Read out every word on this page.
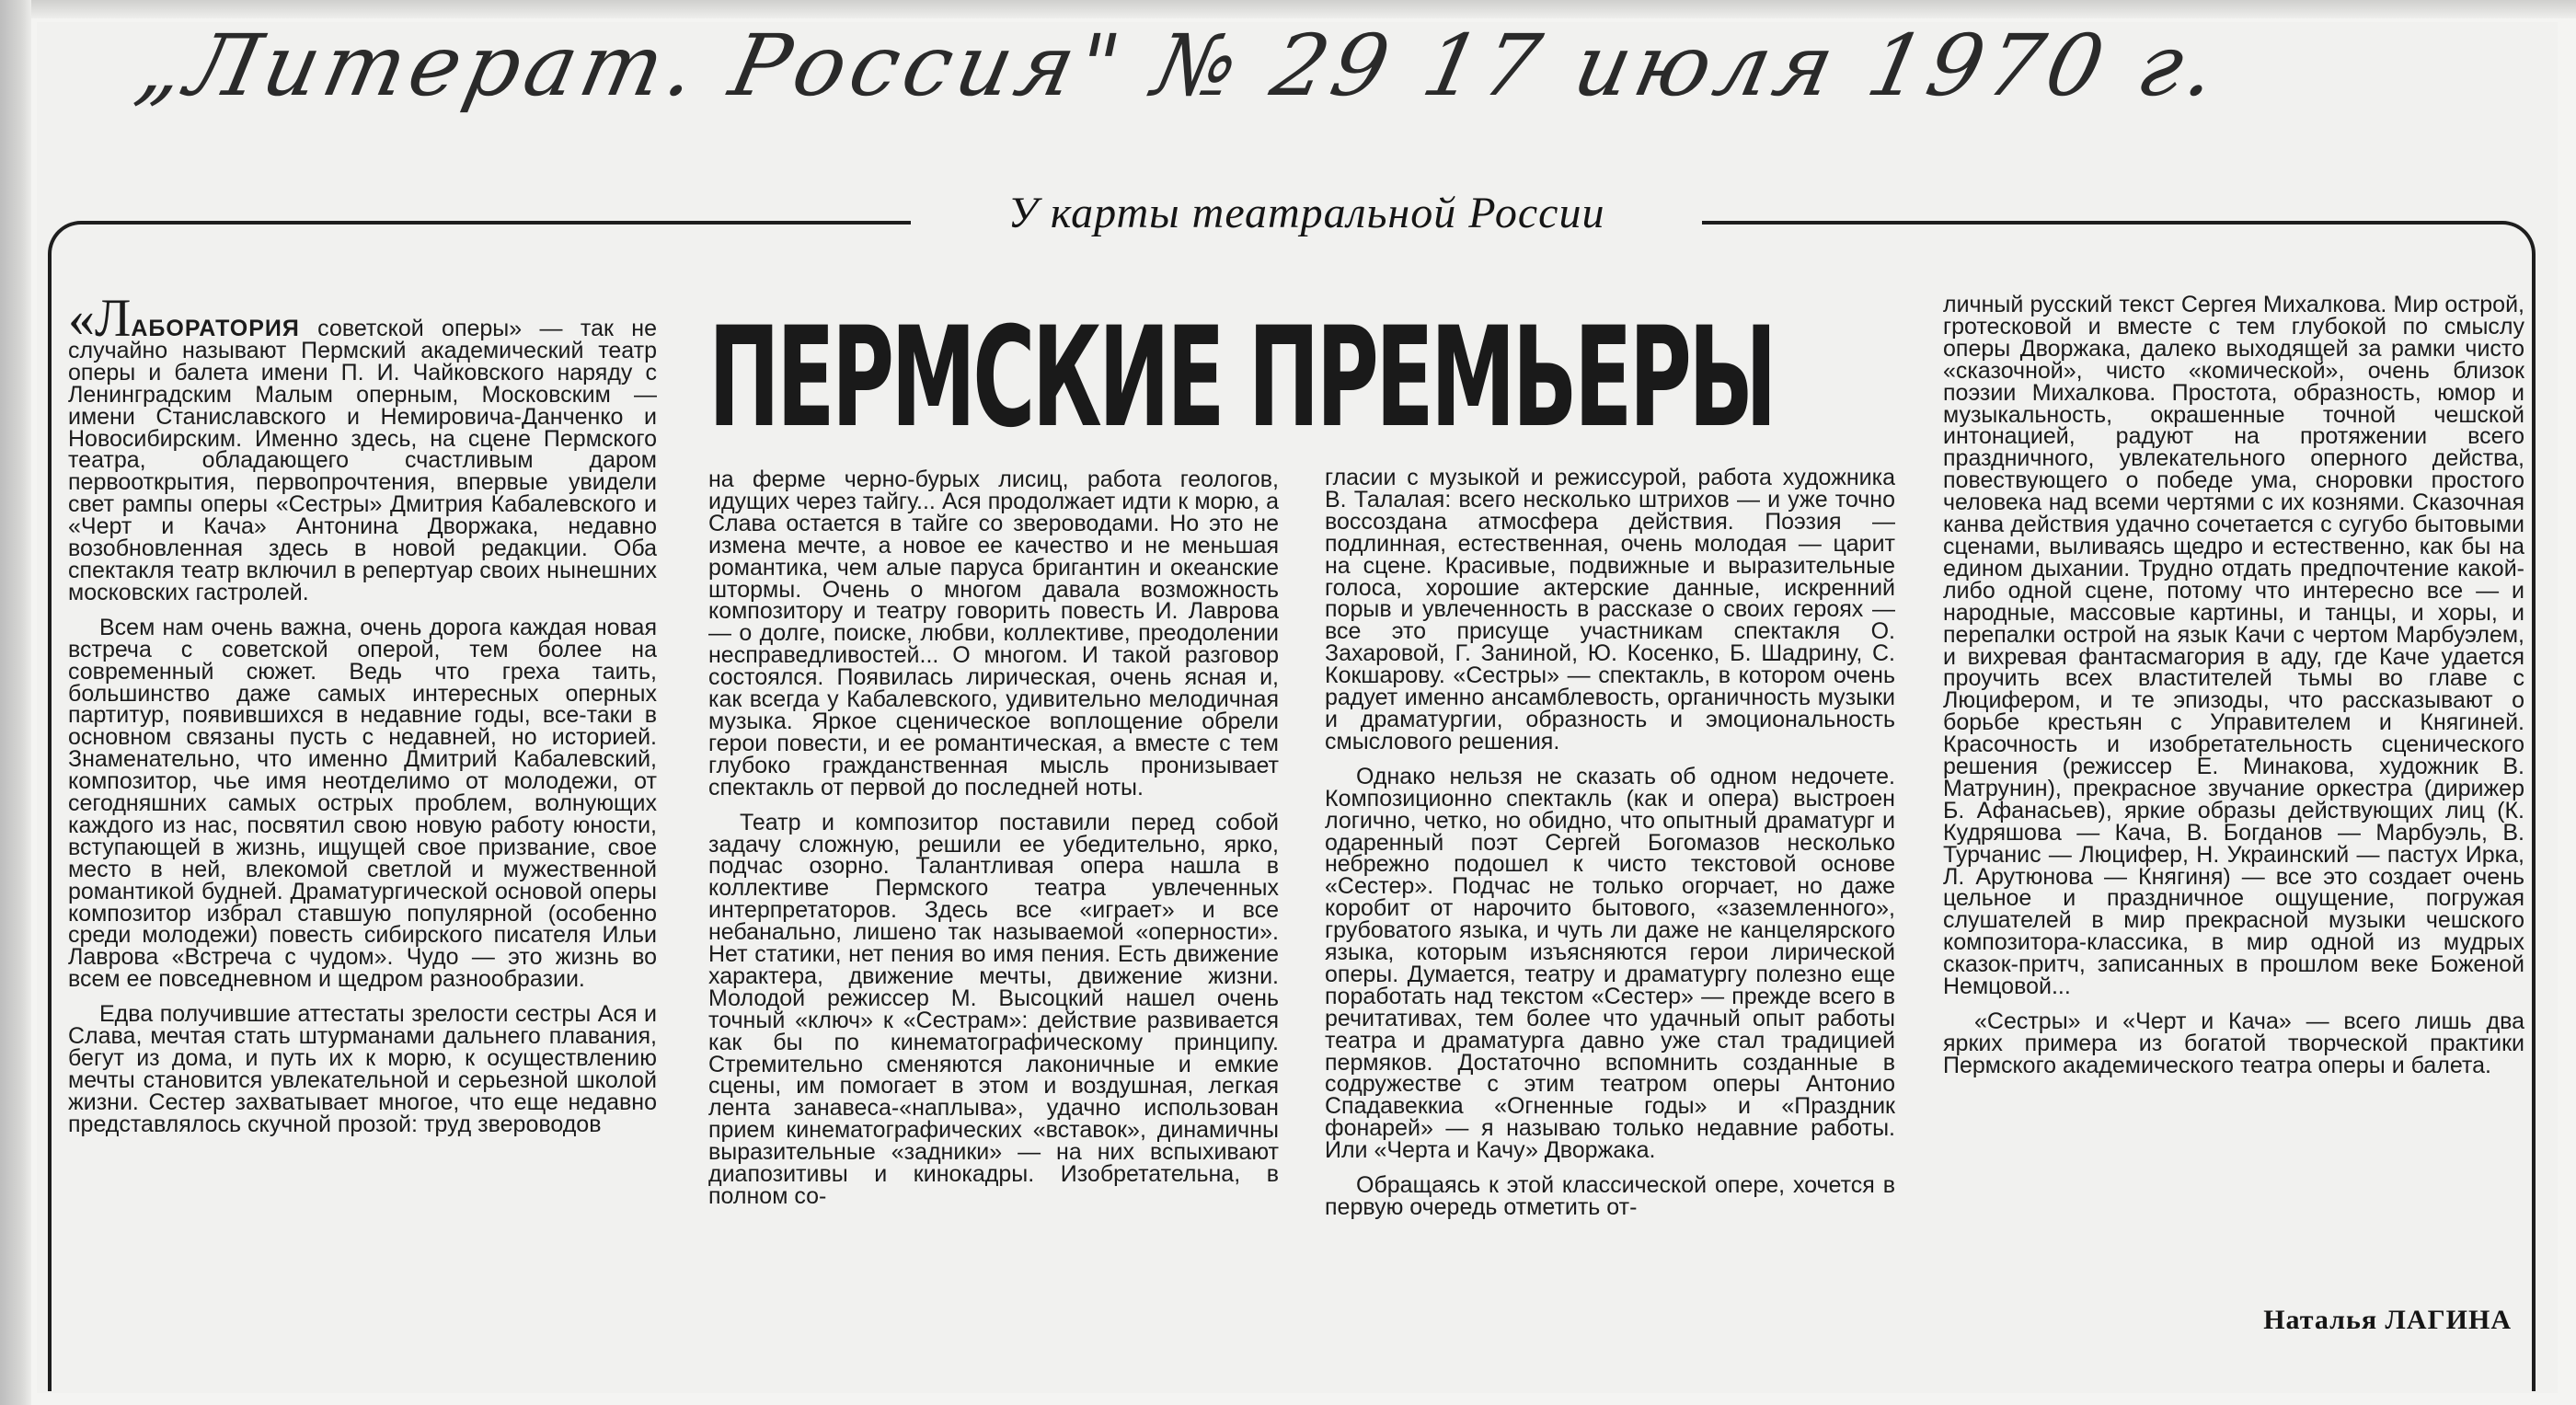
„Литерат. Россия" № 29 17 июля 1970 г.
У карты театральной России
ПЕРМСКИЕ ПРЕМЬЕРЫ

«ЛАБОРАТОРИЯ советской оперы» — так не случайно называют Пермский академический театр оперы и балета имени П. И. Чайковского наряду с Ленинградским Малым оперным, Московским — имени Станиславского и Немировича-Данченко и Новосибирским. Именно здесь, на сцене Пермского театра, обладающего счастливым даром первооткрытия, первопрочтения, впервые увидели свет рампы оперы «Сестры» Дмитрия Кабалевского и «Черт и Кача» Антонина Дворжака, недавно возобновленная здесь в новой редакции. Оба спектакля театр включил в репертуар своих нынешних московских гастролей.

Всем нам очень важна, очень дорога каждая новая встреча с советской оперой, тем более на современный сюжет. Ведь что греха таить, большинство даже самых интересных оперных партитур, появившихся в недавние годы, все-таки в основном связаны пусть с недавней, но историей. Знаменательно, что именно Дмитрий Кабалевский, композитор, чье имя неотделимо от молодежи, от сегодняшних самых острых проблем, волнующих каждого из нас, посвятил свою новую работу юности, вступающей в жизнь, ищущей свое призвание, свое место в ней, влекомой светлой и мужественной романтикой будней. Драматургической основой оперы композитор избрал ставшую популярной (особенно среди молодежи) повесть сибирского писателя Ильи Лаврова «Встреча с чудом». Чудо — это жизнь во всем ее повседневном и щедром разнообразии.

Едва получившие аттестаты зрелости сестры Ася и Слава, мечтая стать штурманами дальнего плавания, бегут из дома, и путь их к морю, к осуществлению мечты становится увлекательной и серьезной школой жизни. Сестер захватывает многое, что еще недавно представлялось скучной прозой: труд звероводов

на ферме черно-бурых лисиц, работа геологов, идущих через тайгу... Ася продолжает идти к морю, а Слава остается в тайге со звероводами. Но это не измена мечте, а новое ее качество и не меньшая романтика, чем алые паруса бригантин и океанские штормы. Очень о многом давала возможность композитору и театру говорить повесть И. Лаврова — о долге, поиске, любви, коллективе, преодолении несправедливостей... О многом. И такой разговор состоялся. Появилась лирическая, очень ясная и, как всегда у Кабалевского, удивительно мелодичная музыка. Яркое сценическое воплощение обрели герои повести, и ее романтическая, а вместе с тем глубоко гражданственная мысль пронизывает спектакль от первой до последней ноты.

Театр и композитор поставили перед собой задачу сложную, решили ее убедительно, ярко, подчас озорно. Талантливая опера нашла в коллективе Пермского театра увлеченных интерпретаторов. Здесь все «играет» и все небанально, лишено так называемой «оперности». Нет статики, нет пения во имя пения. Есть движение характера, движение мечты, движение жизни. Молодой режиссер М. Высоцкий нашел очень точный «ключ» к «Сестрам»: действие развивается как бы по кинематографическому принципу. Стремительно сменяются лаконичные и емкие сцены, им помогает в этом и воздушная, легкая лента занавеса-«наплыва», удачно использован прием кинематографических «вставок», динамичны выразительные «задники» — на них вспыхивают диапозитивы и кинокадры. Изобретательна, в полном со-

гласии с музыкой и режиссурой, работа художника В. Талалая: всего несколько штрихов — и уже точно воссоздана атмосфера действия. Поэзия — подлинная, естественная, очень молодая — царит на сцене. Красивые, подвижные и выразительные голоса, хорошие актерские данные, искренний порыв и увлеченность в рассказе о своих героях — все это присуще участникам спектакля О. Захаровой, Г. Заниной, Ю. Косенко, Б. Шадрину, С. Кокшарову. «Сестры» — спектакль, в котором очень радует именно ансамблевость, органичность музыки и драматургии, образность и эмоциональность смыслового решения.

Однако нельзя не сказать об одном недочете. Композиционно спектакль (как и опера) выстроен логично, четко, но обидно, что опытный драматург и одаренный поэт Сергей Богомазов несколько небрежно подошел к чисто текстовой основе «Сестер». Подчас не только огорчает, но даже коробит от нарочито бытового, «заземленного», грубоватого языка, и чуть ли даже не канцелярского языка, которым изъясняются герои лирической оперы. Думается, театру и драматургу полезно еще поработать над текстом «Сестер» — прежде всего в речитативах, тем более что удачный опыт работы театра и драматурга давно уже стал традицией пермяков. Достаточно вспомнить созданные в содружестве с этим театром оперы Антонио Спадавеккиа «Огненные годы» и «Праздник фонарей» — я называю только недавние работы. Или «Черта и Качу» Дворжака.

Обращаясь к этой классической опере, хочется в первую очередь отметить от-

личный русский текст Сергея Михалкова. Мир острой, гротесковой и вместе с тем глубокой по смыслу оперы Дворжака, далеко выходящей за рамки чисто «сказочной», чисто «комической», очень близок поэзии Михалкова. Простота, образность, юмор и музыкальность, окрашенные точной чешской интонацией, радуют на протяжении всего праздничного, увлекательного оперного действа, повествующего о победе ума, сноровки простого человека над всеми чертями с их кознями. Сказочная канва действия удачно сочетается с сугубо бытовыми сценами, выливаясь щедро и естественно, как бы на едином дыхании. Трудно отдать предпочтение какой-либо одной сцене, потому что интересно все — и народные, массовые картины, и танцы, и хоры, и перепалки острой на язык Качи с чертом Марбуэлем, и вихревая фантасмагория в аду, где Каче удается проучить всех властителей тьмы во главе с Люцифером, и те эпизоды, что рассказывают о борьбе крестьян с Управителем и Княгиней. Красочность и изобретательность сценического решения (режиссер Е. Минакова, художник В. Матрунин), прекрасное звучание оркестра (дирижер Б. Афанасьев), яркие образы действующих лиц (К. Кудряшова — Кача, В. Богданов — Марбуэль, В. Турчанис — Люцифер, Н. Украинский — пастух Ирка, Л. Арутюнова — Княгиня) — все это создает очень цельное и праздничное ощущение, погружая слушателей в мир прекрасной музыки чешского композитора-классика, в мир одной из мудрых сказок-притч, записанных в прошлом веке Боженой Немцовой...

«Сестры» и «Черт и Кача» — всего лишь два ярких примера из богатой творческой практики Пермского академического театра оперы и балета.

Наталья ЛАГИНА
